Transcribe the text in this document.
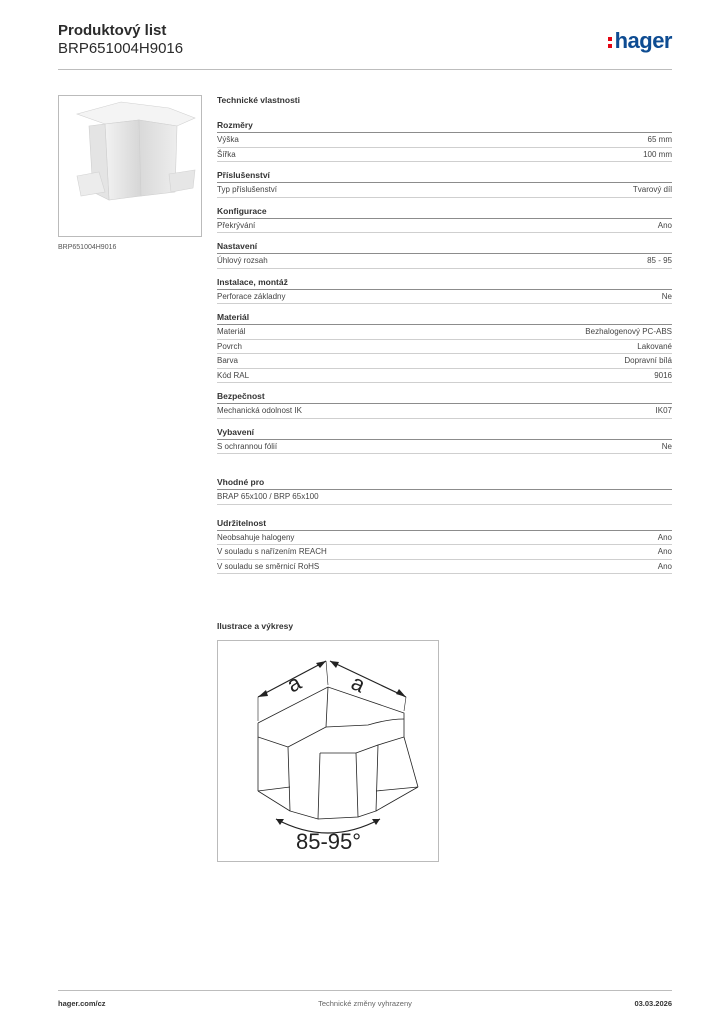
Produktový list
BRP651004H9016	hager
BRP651004H9016
Technické vlastnosti
Rozměry
Výška	65 mm
Šířka	100 mm
Příslušenství
Typ příslušenství	Tvarový díl
Konfigurace
Překrývání	Ano
Nastavení
Úhlový rozsah	85 - 95
Instalace, montáž
Perforace základny	Ne
Materiál
Materiál	Bezhalogenový PC-ABS
Povrch	Lakované
Barva	Dopravní bílá
Kód RAL	9016
Bezpečnost
Mechanická odolnost IK	IK07
Vybavení
S ochrannou fólií	Ne
Vhodné pro
BRAP 65x100 / BRP 65x100
Udržitelnost
Neobsahuje halogeny	Ano
V souladu s nařízením REACH	Ano
V souladu se směrnicí RoHS	Ano
Ilustrace a výkresy
a a
85-95°
hager.com/cz	Technické změny vyhrazeny	03.03.2026
